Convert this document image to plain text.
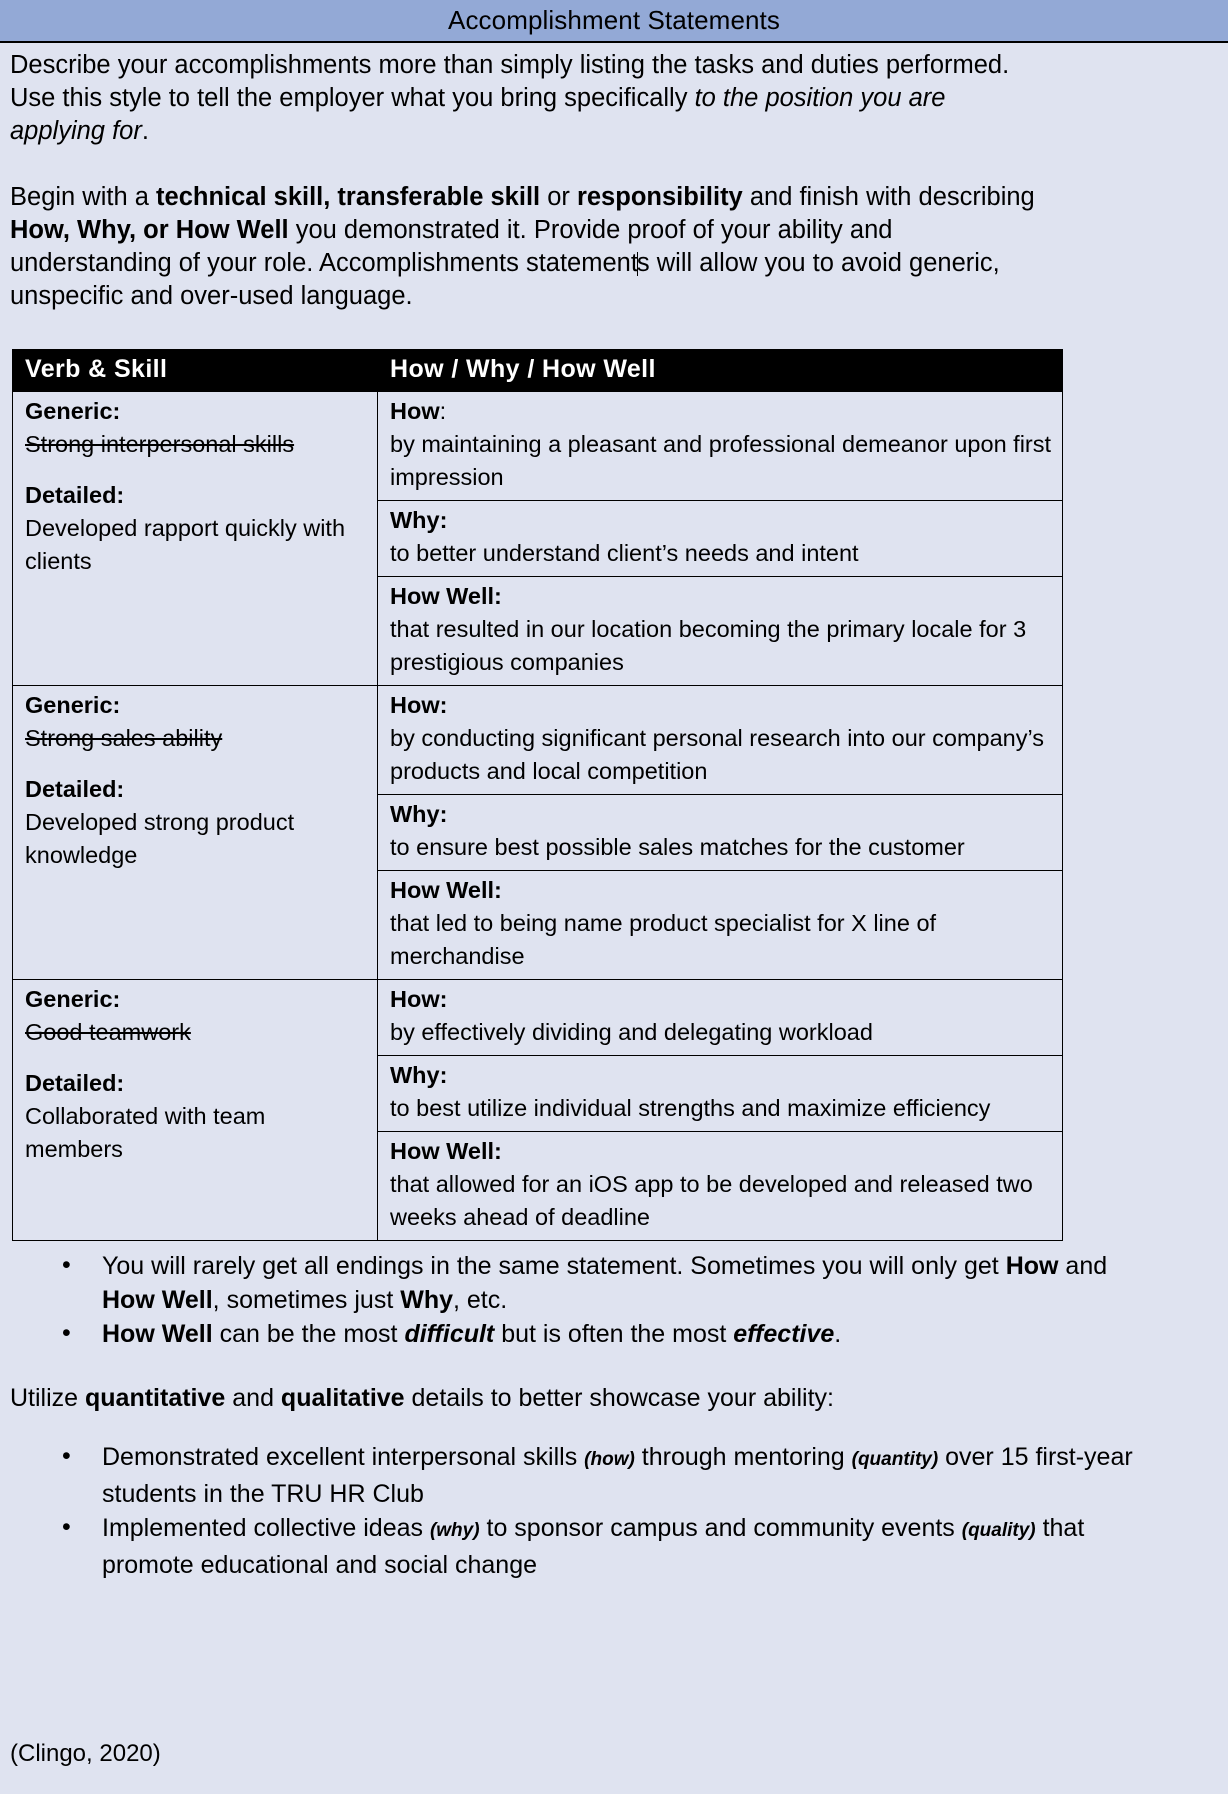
Accomplishment Statements

Describe your accomplishments more than simply listing the tasks and duties performed. Use this style to tell the employer what you bring specifically to the position you are applying for.

Begin with a technical skill, transferable skill or responsibility and finish with describing How, Why, or How Well you demonstrated it. Provide proof of your ability and understanding of your role. Accomplishments statements will allow you to avoid generic, unspecific and over-used language.

Verb & Skill	How / Why / How Well
Generic:
Strong interpersonal skills
Detailed:
Developed rapport quickly with clients	How:
by maintaining a pleasant and professional demeanor upon first impression
	Why:
to better understand client’s needs and intent
	How Well:
that resulted in our location becoming the primary locale for 3 prestigious companies
Generic:
Strong sales ability
Detailed:
Developed strong product knowledge	How:
by conducting significant personal research into our company’s products and local competition
	Why:
to ensure best possible sales matches for the customer
	How Well:
that led to being name product specialist for X line of merchandise
Generic:
Good teamwork
Detailed:
Collaborated with team members	How:
by effectively dividing and delegating workload
	Why:
to best utilize individual strengths and maximize efficiency
	How Well:
that allowed for an iOS app to be developed and released two weeks ahead of deadline
• You will rarely get all endings in the same statement. Sometimes you will only get How and How Well, sometimes just Why, etc.
• How Well can be the most difficult but is often the most effective.

Utilize quantitative and qualitative details to better showcase your ability:

• Demonstrated excellent interpersonal skills (how) through mentoring (quantity) over 15 first-year students in the TRU HR Club
• Implemented collective ideas (why) to sponsor campus and community events (quality) that promote educational and social change
(Clingo, 2020)
